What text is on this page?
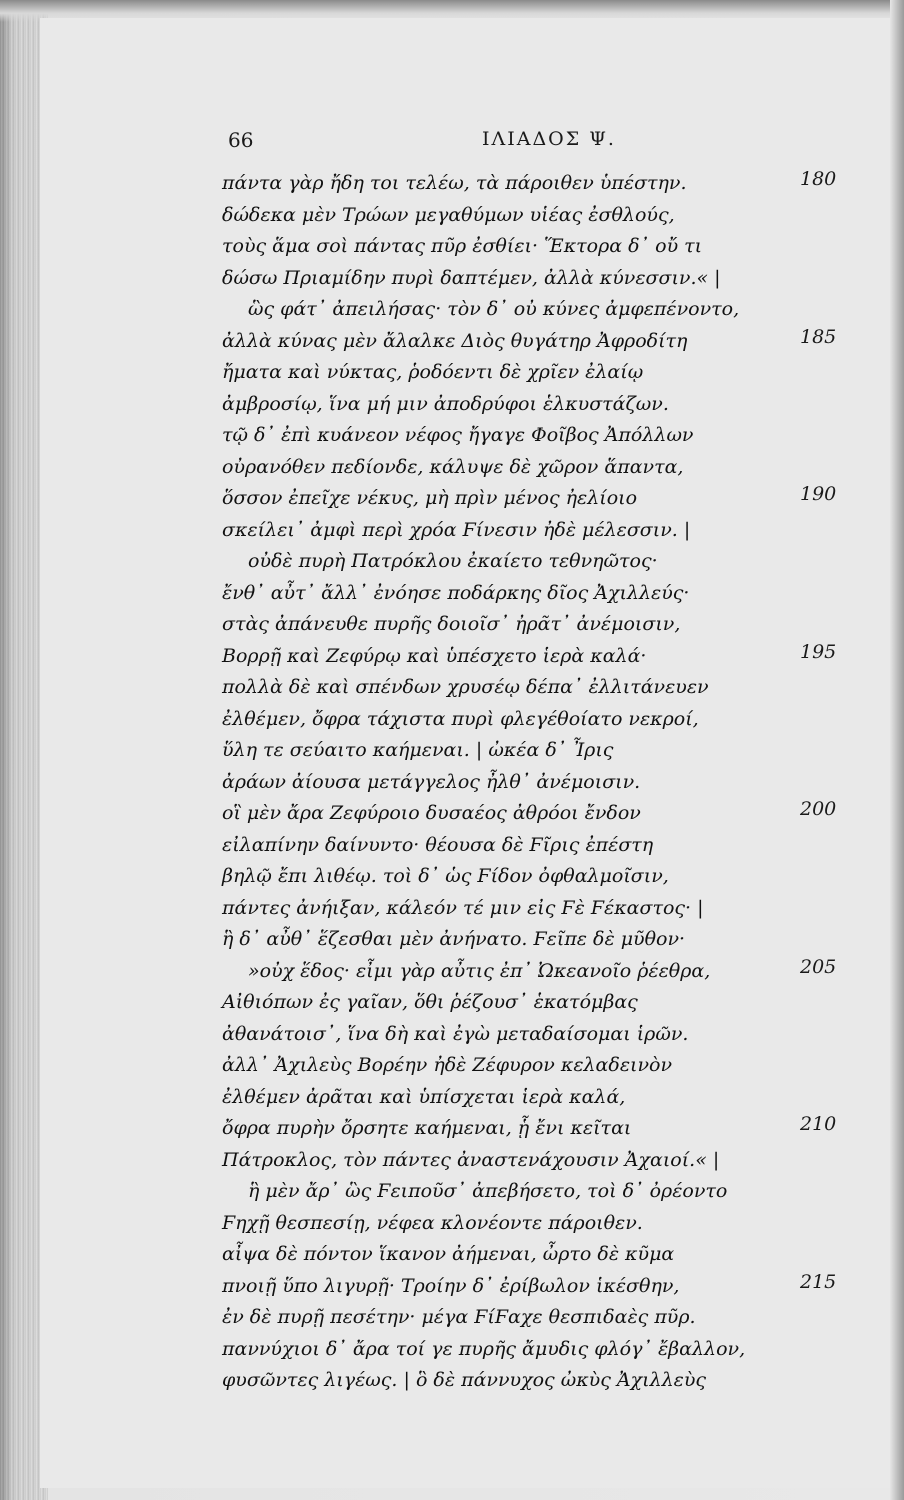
66	ΙΛΙΑΔΟΣ Ψ.
πάντα γὰρ ἤδη τοι τελέω, τὰ πάροιθεν ὑπέστην.
δώδεκα μὲν Τρώων μεγαθύμων υἱέας ἐσθλούς,
τοὺς ἅμα σοὶ πάντας πῦρ ἐσθίει· Ἕκτορα δ᾽ οὔ τι
δώσω Πριαμίδην πυρὶ δαπτέμεν, ἀλλὰ κύνεσσιν.« |
ὣς φάτ᾽ ἀπειλήσας· τὸν δ᾽ οὐ κύνες ἀμφεπένοντο,
ἀλλὰ κύνας μὲν ἄλαλκε Διὸς θυγάτηρ Ἀφροδίτη
ἤματα καὶ νύκτας, ῥοδόεντι δὲ χρῖεν ἐλαίῳ
ἀμβροσίῳ, ἵνα μή μιν ἀποδρύφοι ἑλκυστάζων.
τῷ δ᾽ ἐπὶ κυάνεον νέφος ἤγαγε Φοῖβος Ἀπόλλων
οὐρανόθεν πεδίονδε, κάλυψε δὲ χῶρον ἅπαντα,
ὅσσον ἐπεῖχε νέκυς, μὴ πρὶν μένος ἠελίοιο
σκείλει᾽ ἀμφὶ περὶ χρόα Ϝίνεσιν ἠδὲ μέλεσσιν. |
οὐδὲ πυρὴ Πατρόκλου ἐκαίετο τεθνηῶτος·
ἔνθ᾽ αὖτ᾽ ἄλλ᾽ ἐνόησε ποδάρκης δῖος Ἀχιλλεύς·
στὰς ἀπάνευθε πυρῆς δοιοῖσ᾽ ἠρᾶτ᾽ ἀνέμοισιν,
Βορρῇ καὶ Ζεφύρῳ καὶ ὑπέσχετο ἱερὰ καλά·
πολλὰ δὲ καὶ σπένδων χρυσέῳ δέπα᾽ ἐλλιτάνευεν
ἐλθέμεν, ὄφρα τάχιστα πυρὶ φλεγέθοίατο νεκροί,
ὕλη τε σεύαιτο καήμεναι. | ὠκέα δ᾽ Ἶρις
ἀράων ἀίουσα μετάγγελος ἦλθ᾽ ἀνέμοισιν.
οἳ μὲν ἄρα Ζεφύροιο δυσαέος ἀθρόοι ἔνδον
εἰλαπίνην δαίνυντο· θέουσα δὲ Ϝῖρις ἐπέστη
βηλῷ ἔπι λιθέῳ. τοὶ δ᾽ ὡς Ϝίδον ὀφθαλμοῖσιν,
πάντες ἀνήιξαν, κάλεόν τέ μιν εἰς Ϝὲ Ϝέκαστος· |
ἣ δ᾽ αὖθ᾽ ἕζεσθαι μὲν ἀνήνατο. Ϝεῖπε δὲ μῦθον·
»οὐχ ἕδος· εἶμι γὰρ αὖτις ἐπ᾽ Ὠκεανοῖο ῥέεθρα,
Αἰθιόπων ἐς γαῖαν, ὅθι ῥέζουσ᾽ ἑκατόμβας
ἀθανάτοισ᾽, ἵνα δὴ καὶ ἐγὼ μεταδαίσομαι ἱρῶν.
ἀλλ᾽ Ἀχιλεὺς Βορέην ἠδὲ Ζέφυρον κελαδεινὸν
ἐλθέμεν ἀρᾶται καὶ ὑπίσχεται ἱερὰ καλά,
ὄφρα πυρὴν ὄρσητε καήμεναι, ᾗ ἔνι κεῖται
Πάτροκλος, τὸν πάντες ἀναστενάχουσιν Ἀχαιοί.« |
ἣ μὲν ἄρ᾽ ὣς Ϝειποῦσ᾽ ἀπεβήσετο, τοὶ δ᾽ ὀρέοντο
Ϝηχῇ θεσπεσίῃ, νέφεα κλονέοντε πάροιθεν.
αἶψα δὲ πόντον ἵκανον ἀήμεναι, ὦρτο δὲ κῦμα
πνοιῇ ὕπο λιγυρῇ· Τροίην δ᾽ ἐρίβωλον ἱκέσθην,
ἐν δὲ πυρῇ πεσέτην· μέγα ϜίϜαχε θεσπιδαὲς πῦρ.
παννύχιοι δ᾽ ἄρα τοί γε πυρῆς ἄμυδις φλόγ᾽ ἔβαλλον,
φυσῶντες λιγέως. | ὃ δὲ πάννυχος ὠκὺς Ἀχιλλεὺς
180
185
190
195
200
205
210
215
